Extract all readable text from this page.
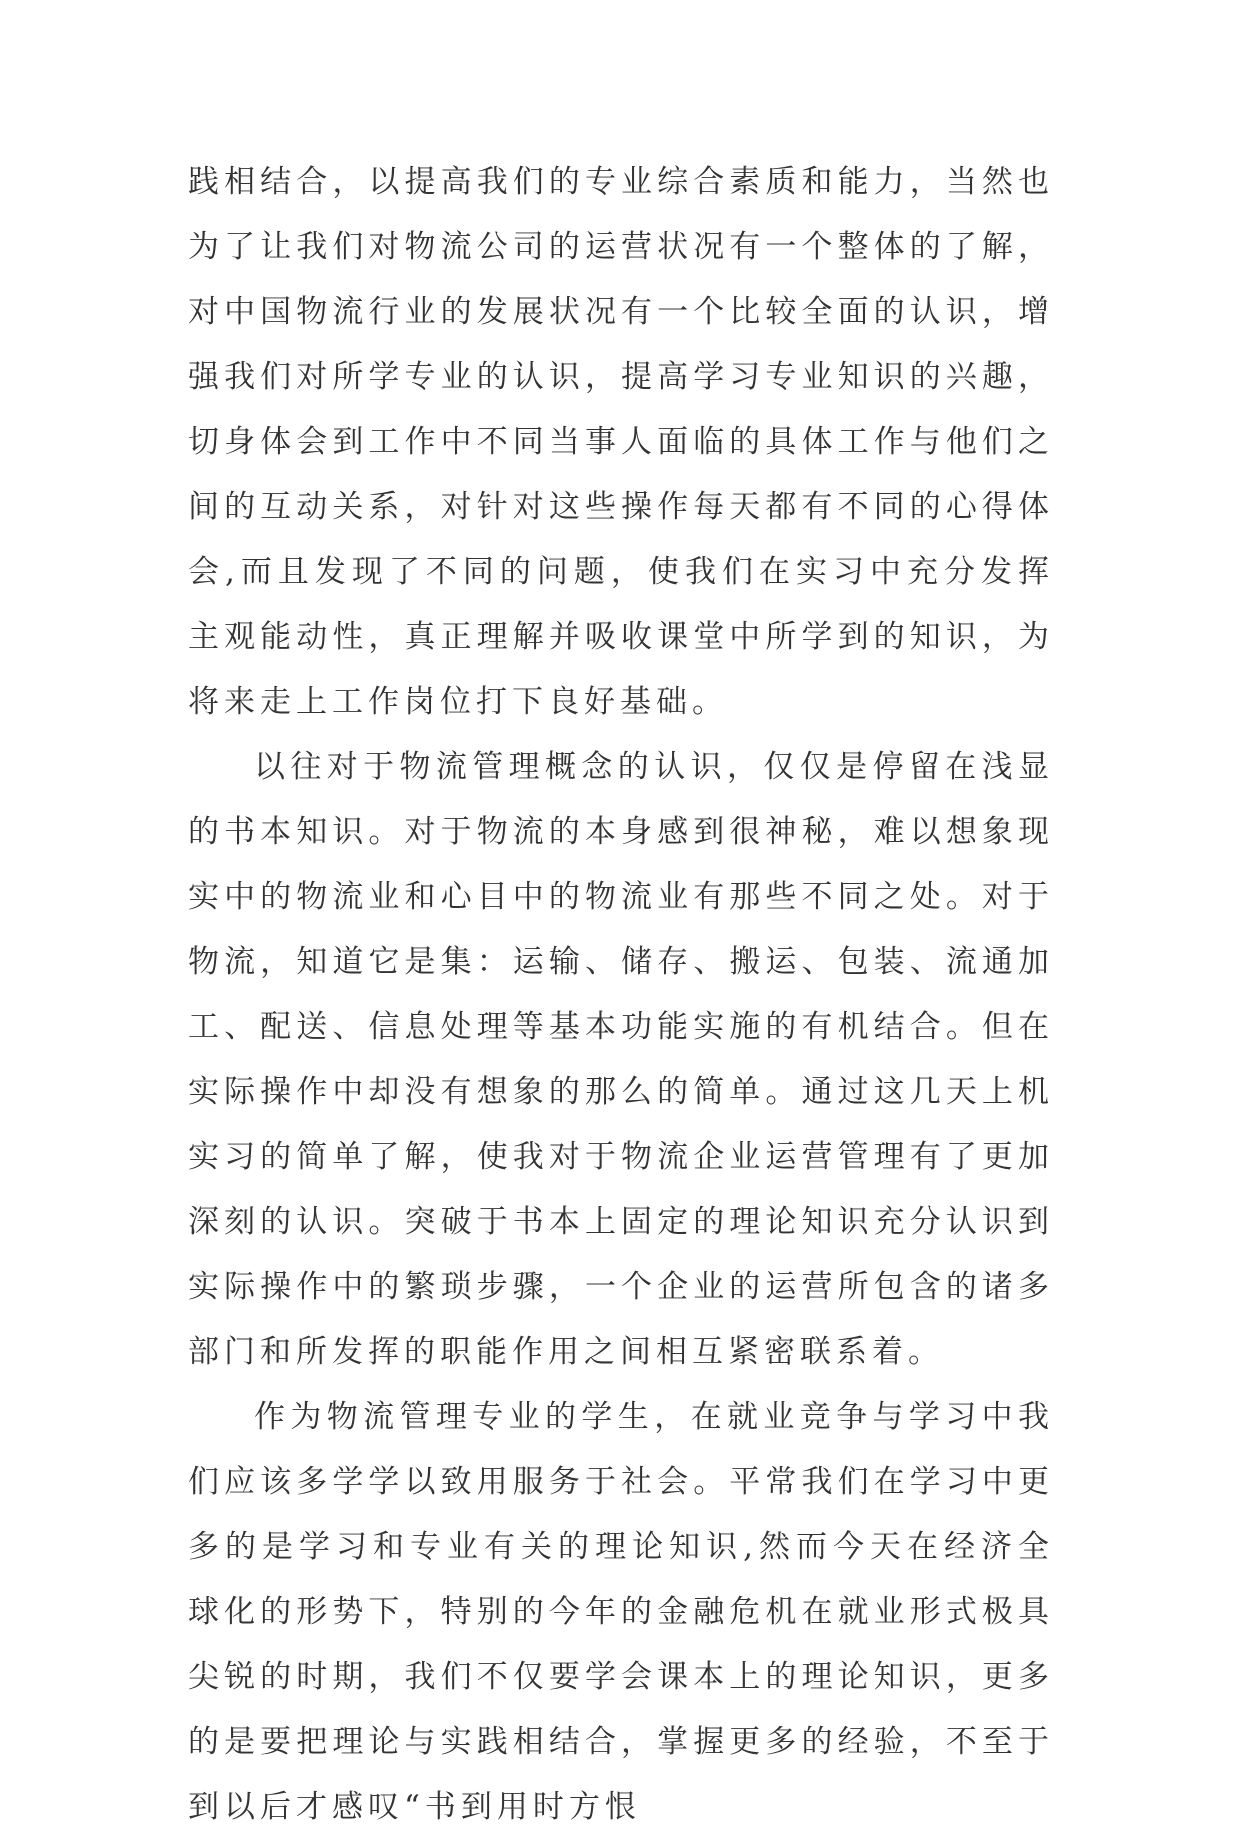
践相结合，以提高我们的专业综合素质和能力，当然也为了让我们对物流公司的运营状况有一个整体的了解，对中国物流行业的发展状况有一个比较全面的认识，增强我们对所学专业的认识，提高学习专业知识的兴趣，切身体会到工作中不同当事人面临的具体工作与他们之间的互动关系，对针对这些操作每天都有不同的心得体会,而且发现了不同的问题，使我们在实习中充分发挥主观能动性，真正理解并吸收课堂中所学到的知识，为将来走上工作岗位打下良好基础。

以往对于物流管理概念的认识，仅仅是停留在浅显的书本知识。对于物流的本身感到很神秘，难以想象现实中的物流业和心目中的物流业有那些不同之处。对于物流，知道它是集：运输、储存、搬运、包装、流通加工、配送、信息处理等基本功能实施的有机结合。但在实际操作中却没有想象的那么的简单。通过这几天上机实习的简单了解，使我对于物流企业运营管理有了更加深刻的认识。突破于书本上固定的理论知识充分认识到实际操作中的繁琐步骤，一个企业的运营所包含的诸多部门和所发挥的职能作用之间相互紧密联系着。

作为物流管理专业的学生，在就业竞争与学习中我们应该多学学以致用服务于社会。平常我们在学习中更多的是学习和专业有关的理论知识,然而今天在经济全球化的形势下，特别的今年的金融危机在就业形式极具尖锐的时期，我们不仅要学会课本上的理论知识，更多的是要把理论与实践相结合，掌握更多的经验，不至于到以后才感叹“书到用时方恨
